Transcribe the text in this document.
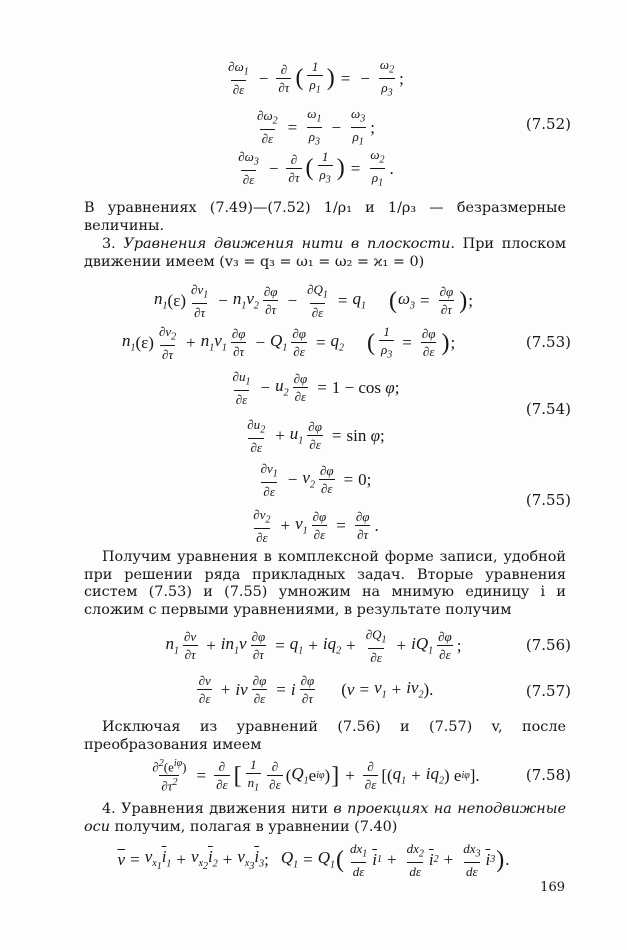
$\frac{\partial\omega_1}{\partial\varepsilon} - \frac{\partial}{\partial\tau}$ ( $\frac{1}{\rho_1}$ ) = − $\frac{\omega_2}{\rho_3}$ ;
$\frac{\partial\omega_2}{\partial\varepsilon} = \frac{\omega_1}{\rho_3} - \frac{\omega_3}{\rho_1}$ ;	(7.52)
$\frac{\partial\omega_3}{\partial\varepsilon} - \frac{\partial}{\partial\tau}$ ( $\frac{1}{\rho_3}$ ) = $\frac{\omega_2}{\rho_1}$ .
В уравнениях (7.49)—(7.52) 1/ρ₁ и 1/ρ₃ — безразмерные величины.
3. Уравнения движения нити в плоскости. При плоском движении имеем (v₃ = q₃ = ω₁ = ω₂ = ϰ₁ = 0)
$n_1$ $(\varepsilon) \frac{\partial v_1}{\partial\tau} - n_1v_2 \frac{\partial\varphi}{\partial\tau} - \frac{\partial Q_1}{\partial\varepsilon} = q_1$ ( $\omega_3 = \frac{\partial\varphi}{\partial\tau}$ ) ;
$n_1$ $(\varepsilon) \frac{\partial v_2}{\partial\tau} + n_1v_1 \frac{\partial\varphi}{\partial\tau} - Q_1 \frac{\partial\varphi}{\partial\varepsilon} = q_2$ ( $\frac{1}{\rho_3} = \frac{\partial\varphi}{\partial\varepsilon}$ ) ;	(7.53)
$\frac{\partial u_1}{\partial\varepsilon} - u_2 \frac{\partial\varphi}{\partial\varepsilon} = 1 - \cos$
φ ;
(7.54)
$\frac{\partial u_2}{\partial\varepsilon} + u_1 \frac{\partial\varphi}{\partial\varepsilon} = \sin$
φ ;
$\frac{\partial v_1}{\partial\varepsilon} - v_2 \frac{\partial\varphi}{\partial\varepsilon} = 0$;
(7.55)
$\frac{\partial v_2}{\partial\varepsilon} + v_1 \frac{\partial\varphi}{\partial\varepsilon} = \frac{\partial\varphi}{\partial\tau}$ .
Получим уравнения в комплексной форме записи, удобной при решении ряда прикладных задач. Вторые уравнения систем (7.53) и (7.55) умножим на мнимую единицу i и сложим с первыми уравнениями, в результате получим
$n_1 \frac{\partial v}{\partial\tau} + in_1v \frac{\partial\varphi}{\partial\tau} = q_1 + iq_2 + \frac{\partial Q_1}{\partial\varepsilon} + iQ_1 \frac{\partial\varphi}{\partial\varepsilon}$ ;	(7.56)
$\frac{\partial v}{\partial\varepsilon}$ + iv $\frac{\partial\varphi}{\partial\varepsilon} = i \frac{\partial\varphi}{\partial\tau}$ ( $v = v_1 + iv_2$ ).	(7.57)
Исключая из уравнений (7.56) и (7.57) v, после преобразования имеем
$\frac{\partial^2(e^{i\varphi})}{\partial\tau^2} = \frac{\partial}{\partial\varepsilon}$ [ $\frac{1}{n_1} \frac{\partial}{\partial\varepsilon}$ ( $Q_1$ e iφ ) ] + $\frac{\partial}{\partial\varepsilon}$ [( $q_1 + iq_2$ ) e iφ ].	(7.58)
4. Уравнения движения нити в проекциях на неподвижные оси получим, полагая в уравнении (7.40)
$\overline{v} = v_{x_1}\overline{i}_1 + v_{x_2}\overline{i}_2 + v_{x_3}\overline{i}_3$ ; $Q_1 = Q_1$ ( $\frac{dx_1}{d\varepsilon} \overline{i}$ $1 + \frac{dx_2}{d\varepsilon} \overline{i}$ $2 + \frac{dx_3}{d\varepsilon} \overline{i}$ 3 ) .
169
